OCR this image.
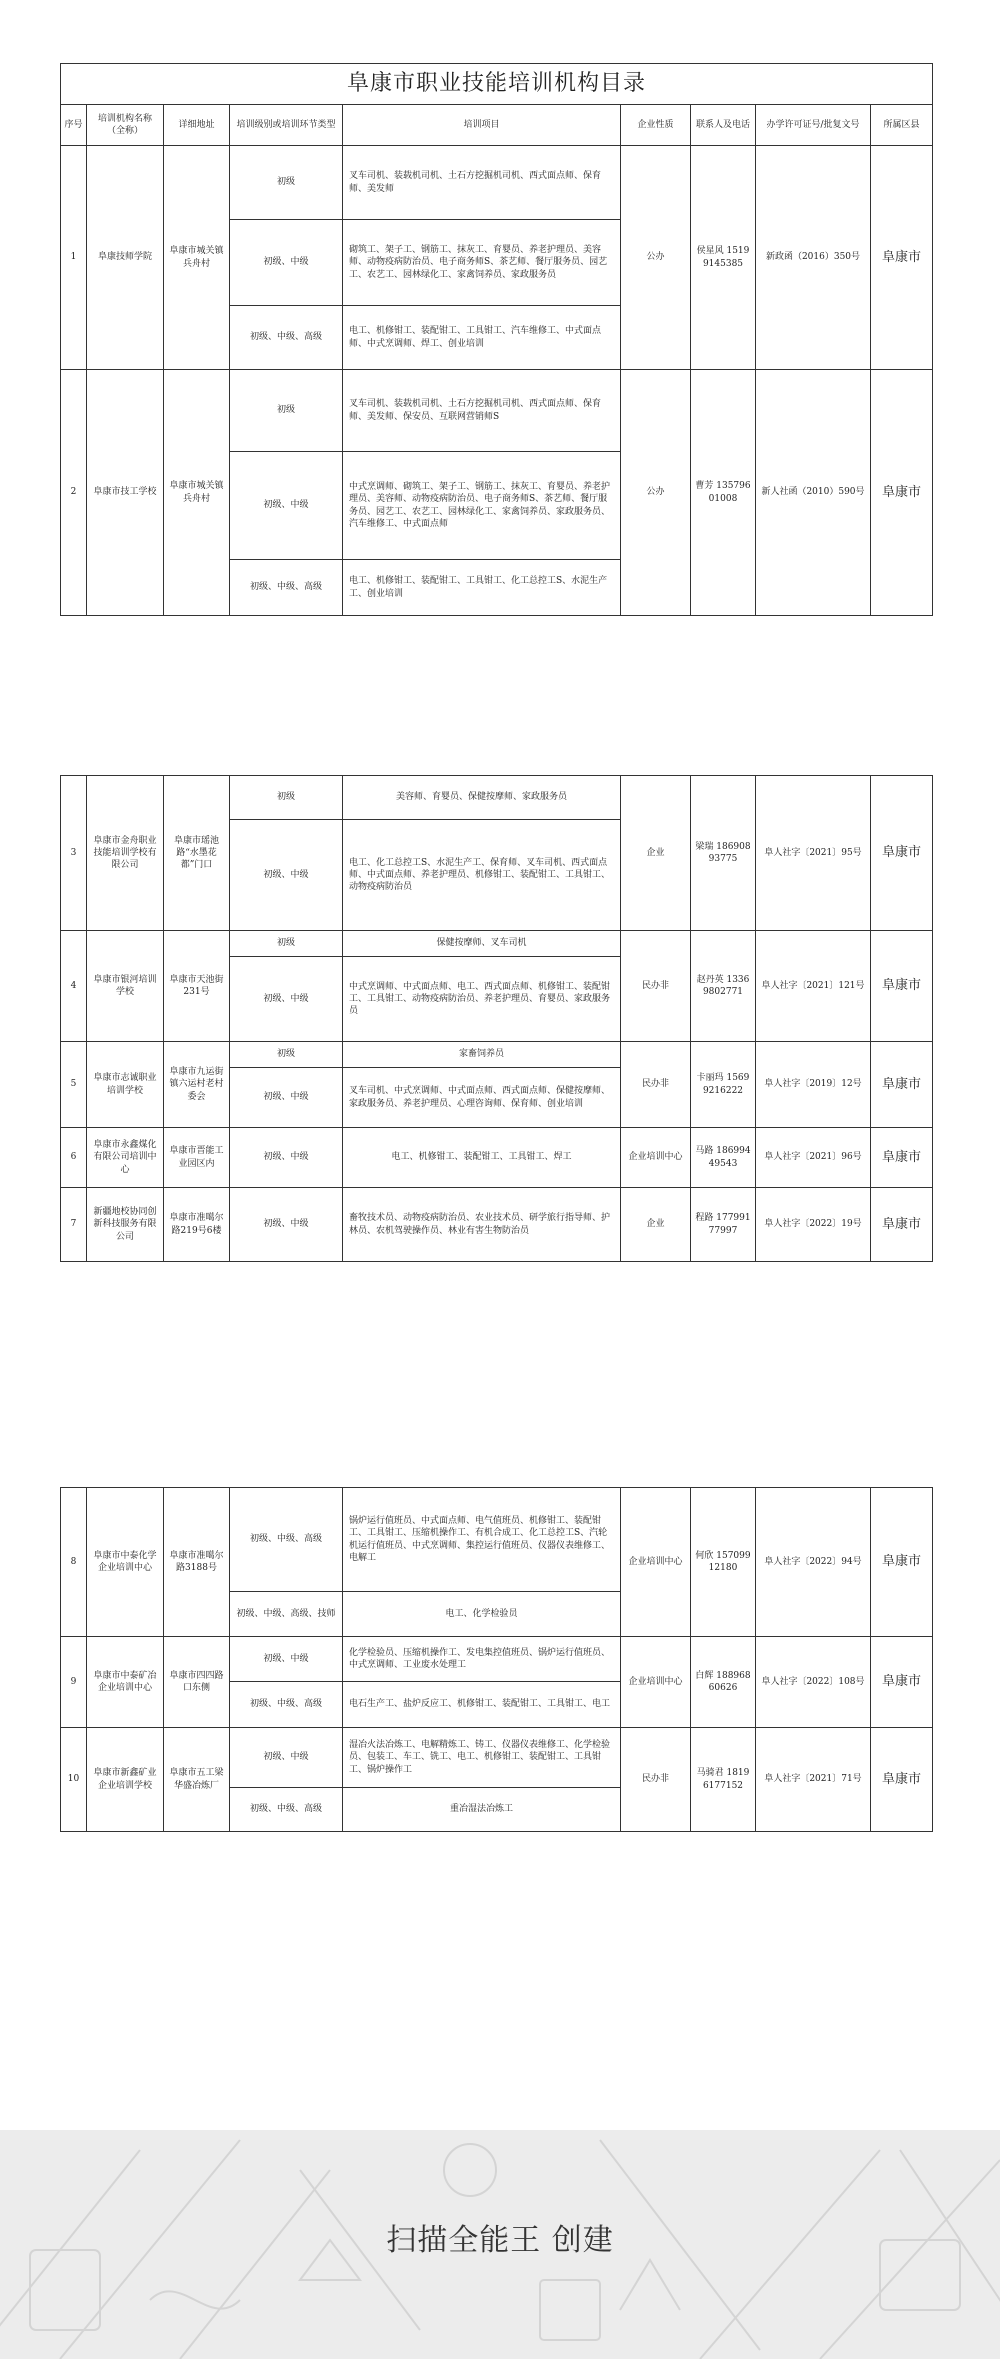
阜康市职业技能培训机构目录								
序号	培训机构名称（全称）	详细地址	培训级别或培训环节类型	培训项目	企业性质	联系人及电话	办学许可证号/批复文号	所属区县
1	阜康技师学院	阜康市城关镇兵舟村	初级	叉车司机、装载机司机、土石方挖掘机司机、西式面点师、保育师、美发师	公办	侯星风 15199145385	新政函（2016）350号	阜康市
			初级、中级	砌筑工、架子工、钢筋工、抹灰工、育婴员、养老护理员、美容师、动物疫病防治员、电子商务师S、茶艺师、餐厅服务员、园艺工、农艺工、园林绿化工、家禽饲养员、家政服务员				
			初级、中级、高级	电工、机修钳工、装配钳工、工具钳工、汽车维修工、中式面点师、中式烹调师、焊工、创业培训				
2	阜康市技工学校	阜康市城关镇兵舟村	初级	叉车司机、装载机司机、土石方挖掘机司机、西式面点师、保育师、美发师、保安员、互联网营销师S	公办	曹芳 13579601008	新人社函（2010）590号	阜康市
			初级、中级	中式烹调师、砌筑工、架子工、钢筋工、抹灰工、育婴员、养老护理员、美容师、动物疫病防治员、电子商务师S、茶艺师、餐厅服务员、园艺工、农艺工、园林绿化工、家禽饲养员、家政服务员、汽车维修工、中式面点师				
			初级、中级、高级	电工、机修钳工、装配钳工、工具钳工、化工总控工S、水泥生产工、创业培训				
3	阜康市金舟职业技能培训学校有限公司	阜康市瑶池路“水墨花都”门口	初级	美容师、育婴员、保健按摩师、家政服务员	企业	梁瑞 18690893775	阜人社字〔2021〕95号	阜康市
			初级、中级	电工、化工总控工S、水泥生产工、保育师、叉车司机、西式面点师、中式面点师、养老护理员、机修钳工、装配钳工、工具钳工、动物疫病防治员				
4	阜康市银河培训学校	阜康市天池街231号	初级	保健按摩师、叉车司机	民办非	赵丹英 13369802771	阜人社字〔2021〕121号	阜康市
			初级、中级	中式烹调师、中式面点师、电工、西式面点师、机修钳工、装配钳工、工具钳工、动物疫病防治员、养老护理员、育婴员、家政服务员				
5	阜康市志诚职业培训学校	阜康市九运街镇六运村老村委会	初级	家畜饲养员	民办非	卡丽玛 15699216222	阜人社字〔2019〕12号	阜康市
			初级、中级	叉车司机、中式烹调师、中式面点师、西式面点师、保健按摩师、家政服务员、养老护理员、心理咨询师、保育师、创业培训				
6	阜康市永鑫煤化有限公司培训中心	阜康市晋能工业园区内	初级、中级	电工、机修钳工、装配钳工、工具钳工、焊工	企业培训中心	马路 18699449543	阜人社字〔2021〕96号	阜康市
7	新疆地校协同创新科技服务有限公司	阜康市准噶尔路219号6楼	初级、中级	畜牧技术员、动物疫病防治员、农业技术员、研学旅行指导师、护林员、农机驾驶操作员、林业有害生物防治员	企业	程路 17799177997	阜人社字〔2022〕19号	阜康市
8	阜康市中泰化学企业培训中心	阜康市准噶尔路3188号	初级、中级、高级	锅炉运行值班员、中式面点师、电气值班员、机修钳工、装配钳工、工具钳工、压缩机操作工、有机合成工、化工总控工S、汽轮机运行值班员、中式烹调师、集控运行值班员、仪器仪表维修工、电解工	企业培训中心	何欣 15709912180	阜人社字〔2022〕94号	阜康市
			初级、中级、高级、技师	电工、化学检验员				
9	阜康市中泰矿冶企业培训中心	阜康市四四路口东侧	初级、中级	化学检验员、压缩机操作工、发电集控值班员、锅炉运行值班员、中式烹调师、工业废水处理工	企业培训中心	白辉 18896860626	阜人社字〔2022〕108号	阜康市
			初级、中级、高级	电石生产工、盐炉反应工、机修钳工、装配钳工、工具钳工、电工				
10	阜康市新鑫矿业企业培训学校	阜康市五工梁华盛冶炼厂	初级、中级	湿冶火法冶炼工、电解精炼工、铸工、仪器仪表维修工、化学检验员、包装工、车工、铣工、电工、机修钳工、装配钳工、工具钳工、锅炉操作工	民办非	马骑君 18196177152	阜人社字〔2021〕71号	阜康市
			初级、中级、高级	重冶湿法冶炼工				
扫描全能王 创建
